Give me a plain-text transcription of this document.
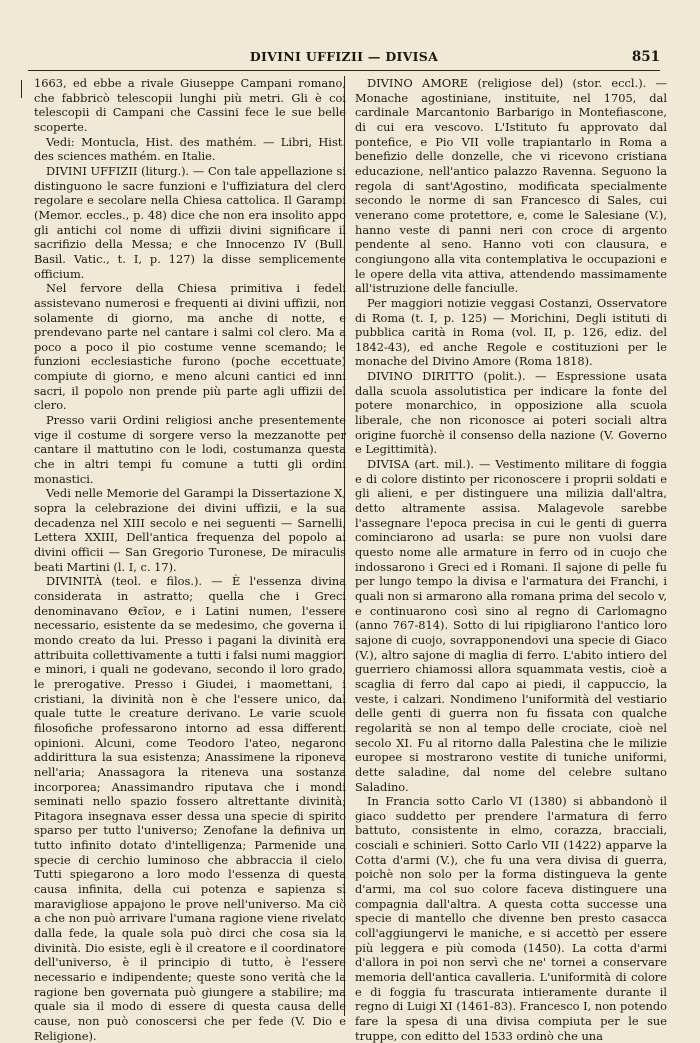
DIVINI UFFIZII — DIVISA	851

1663, ed ebbe a rivale Giuseppe Campani romano, che fabbricò telescopii lunghi più metri. Gli è coi telescopii di Campani che Cassini fece le sue belle scoperte.

Vedi: Montucla, Hist. des mathém. — Libri, Hist. des sciences mathém. en Italie.

DIVINI UFFIZII (liturg.). — Con tale appellazione si distinguono le sacre funzioni e l'uffiziatura del clero regolare e secolare nella Chiesa cattolica. Il Garampi (Memor. eccles., p. 48) dice che non era insolito appo gli antichi col nome di uffizii divini significare il sacrifizio della Messa; e che Innocenzo IV (Bull. Basil. Vatic., t. I, p. 127) la disse semplicemente officium.

Nel fervore della Chiesa primitiva i fedeli assistevano numerosi e frequenti ai divini uffizii, non solamente di giorno, ma anche di notte, e prendevano parte nel cantare i salmi col clero. Ma a poco a poco il pio costume venne scemando; le funzioni ecclesiastiche furono (poche eccettuate) compiute di giorno, e meno alcuni cantici ed inni sacri, il popolo non prende più parte agli uffizii del clero.

Presso varii Ordini religiosi anche presentemente vige il costume di sorgere verso la mezzanotte per cantare il mattutino con le lodi, costumanza questa che in altri tempi fu comune a tutti gli ordini monastici.

Vedi nelle Memorie del Garampi la Dissertazione X, sopra la celebrazione dei divini uffizii, e la sua decadenza nel XIII secolo e nei seguenti — Sarnelli, Lettera XXIII, Dell'antica frequenza del popolo ai divini officii — San Gregorio Turonese, De miraculis beati Martini (l. I, c. 17).

DIVINITÀ (teol. e filos.). — È l'essenza divina considerata in astratto; quella che i Greci denominavano Θεῖον, e i Latini numen, l'essere necessario, esistente da se medesimo, che governa il mondo creato da lui. Presso i pagani la divinità era attribuita collettivamente a tutti i falsi numi maggiori e minori, i quali ne godevano, secondo il loro grado, le prerogative. Presso i Giudei, i maomettani, i cristiani, la divinità non è che l'essere unico, dal quale tutte le creature derivano. Le varie scuole filosofiche professarono intorno ad essa differenti opinioni. Alcuni, come Teodoro l'ateo, negarono addirittura la sua esistenza; Anassimene la riponeva nell'aria; Anassagora la riteneva una sostanza incorporea; Anassimandro riputava che i mondi seminati nello spazio fossero altrettante divinità; Pitagora insegnava esser dessa una specie di spirito sparso per tutto l'universo; Zenofane la definiva un tutto infinito dotato d'intelligenza; Parmenide una specie di cerchio luminoso che abbraccia il cielo. Tutti spiegarono a loro modo l'essenza di questa causa infinita, della cui potenza e sapienza sì maravigliose appajono le prove nell'universo. Ma ciò a che non può arrivare l'umana ragione viene rivelato dalla fede, la quale sola può dirci che cosa sia la divinità. Dio esiste, egli è il creatore e il coordinatore dell'universo, è il principio di tutto, è l'essere necessario e indipendente; queste sono verità che la ragione ben governata può giungere a stabilire; ma quale sia il modo di essere di questa causa delle cause, non può conoscersi che per fede (V. Dio e Religione).

DIVINO AMORE (religiose del) (stor. eccl.). — Monache agostiniane, instituite, nel 1705, dal cardinale Marcantonio Barbarigo in Montefiascone, di cui era vescovo. L'Istituto fu approvato dal pontefice, e Pio VII volle trapiantarlo in Roma a benefizio delle donzelle, che vi ricevono cristiana educazione, nell'antico palazzo Ravenna. Seguono la regola di sant'Agostino, modificata specialmente secondo le norme di san Francesco di Sales, cui venerano come protettore, e, come le Salesiane (V.), hanno veste di panni neri con croce di argento pendente al seno. Hanno voti con clausura, e congiungono alla vita contemplativa le occupazioni e le opere della vita attiva, attendendo massimamente all'istruzione delle fanciulle.

Per maggiori notizie veggasi Costanzi, Osservatore di Roma (t. I, p. 125) — Morichini, Degli istituti di pubblica carità in Roma (vol. II, p. 126, ediz. del 1842-43), ed anche Regole e costituzioni per le monache del Divino Amore (Roma 1818).

DIVINO DIRITTO (polit.). — Espressione usata dalla scuola assolutistica per indicare la fonte del potere monarchico, in opposizione alla scuola liberale, che non riconosce ai poteri sociali altra origine fuorchè il consenso della nazione (V. Governo e Legittimità).

DIVISA (art. mil.). — Vestimento militare di foggia e di colore distinto per riconoscere i proprii soldati e gli alieni, e per distinguere una milizia dall'altra, detto altramente assisa. Malagevole sarebbe l'assegnare l'epoca precisa in cui le genti di guerra cominciarono ad usarla: se pure non vuolsi dare questo nome alle armature in ferro od in cuojo che indossarono i Greci ed i Romani. Il sajone di pelle fu per lungo tempo la divisa e l'armatura dei Franchi, i quali non si armarono alla romana prima del secolo v, e continuarono così sino al regno di Carlomagno (anno 767-814). Sotto di lui ripigliarono l'antico loro sajone di cuojo, sovrapponendovi una specie di Giaco (V.), altro sajone di maglia di ferro. L'abito intiero del guerriero chiamossi allora squammata vestis, cioè a scaglia di ferro dal capo ai piedi, il cappuccio, la veste, i calzari. Nondimeno l'uniformità del vestiario delle genti di guerra non fu fissata con qualche regolarità se non al tempo delle crociate, cioè nel secolo XI. Fu al ritorno dalla Palestina che le milizie europee si mostrarono vestite di tuniche uniformi, dette saladine, dal nome del celebre sultano Saladino.

In Francia sotto Carlo VI (1380) si abbandonò il giaco suddetto per prendere l'armatura di ferro battuto, consistente in elmo, corazza, bracciali, cosciali e schinieri. Sotto Carlo VII (1422) apparve la Cotta d'armi (V.), che fu una vera divisa di guerra, poichè non solo per la forma distingueva la gente d'armi, ma col suo colore faceva distinguere una compagnia dall'altra. A questa cotta successe una specie di mantello che divenne ben presto casacca coll'aggiungervi le maniche, e si accettò per essere più leggera e più comoda (1450). La cotta d'armi d'allora in poi non servì che ne' tornei a conservare memoria dell'antica cavalleria. L'uniformità di colore e di foggia fu trascurata intieramente durante il regno di Luigi XI (1461-83). Francesco I, non potendo fare la spesa di una divisa compiuta per le sue truppe, con editto del 1533 ordinò che una
